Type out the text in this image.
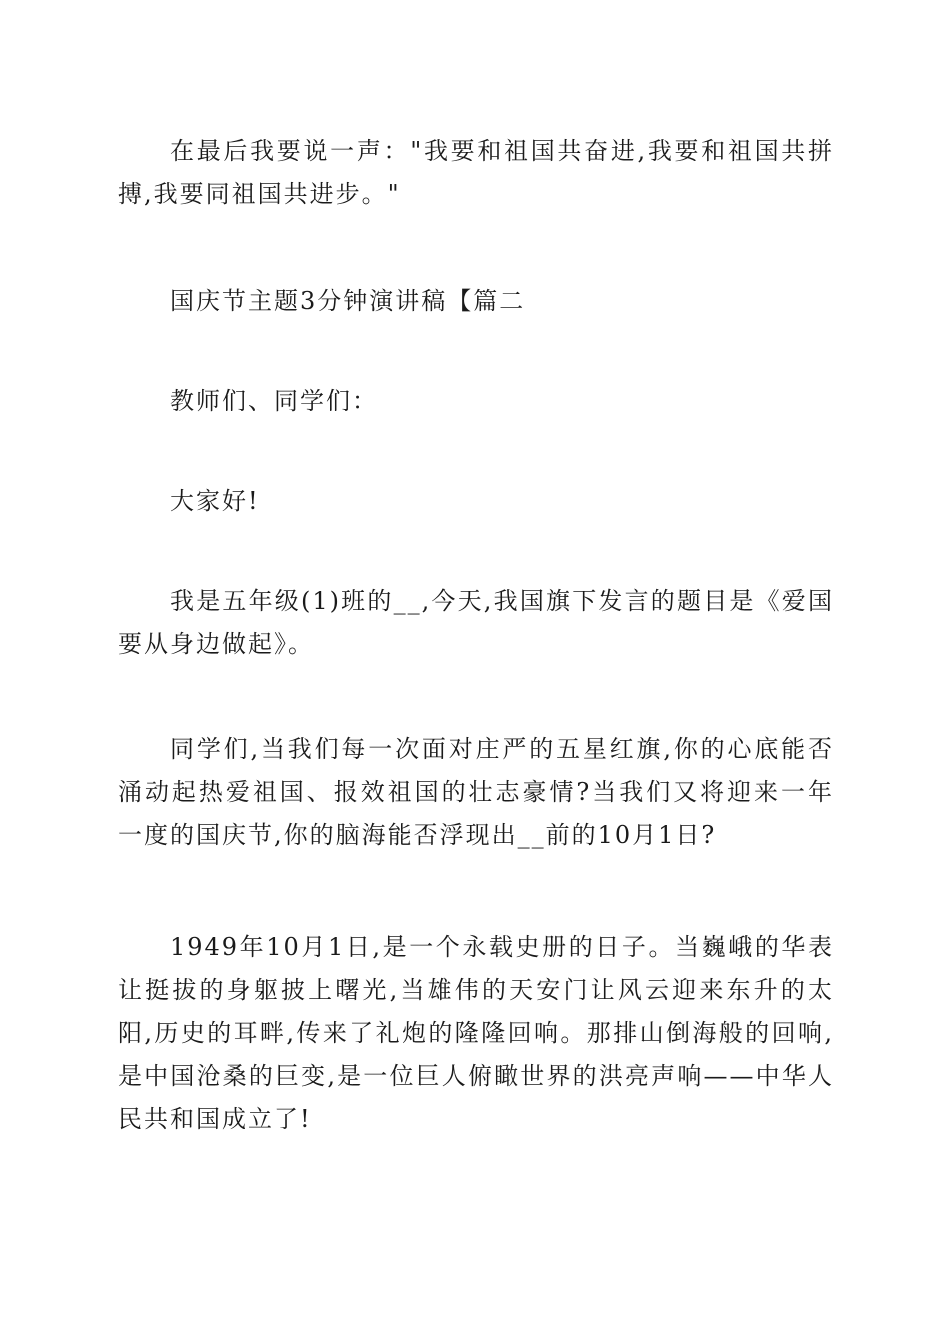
在最后我要说一声："我要和祖国共奋进,我要和祖国共拼搏,我要同祖国共进步。"

国庆节主题3分钟演讲稿【篇二

教师们、同学们：

大家好!

我是五年级(1)班的__,今天,我国旗下发言的题目是《爱国要从身边做起》。

同学们,当我们每一次面对庄严的五星红旗,你的心底能否涌动起热爱祖国、报效祖国的壮志豪情?当我们又将迎来一年一度的国庆节,你的脑海能否浮现出__前的10月1日?

1949年10月1日,是一个永载史册的日子。当巍峨的华表让挺拔的身躯披上曙光,当雄伟的天安门让风云迎来东升的太阳,历史的耳畔,传来了礼炮的隆隆回响。那排山倒海般的回响,是中国沧桑的巨变,是一位巨人俯瞰世界的洪亮声响——中华人民共和国成立了!
